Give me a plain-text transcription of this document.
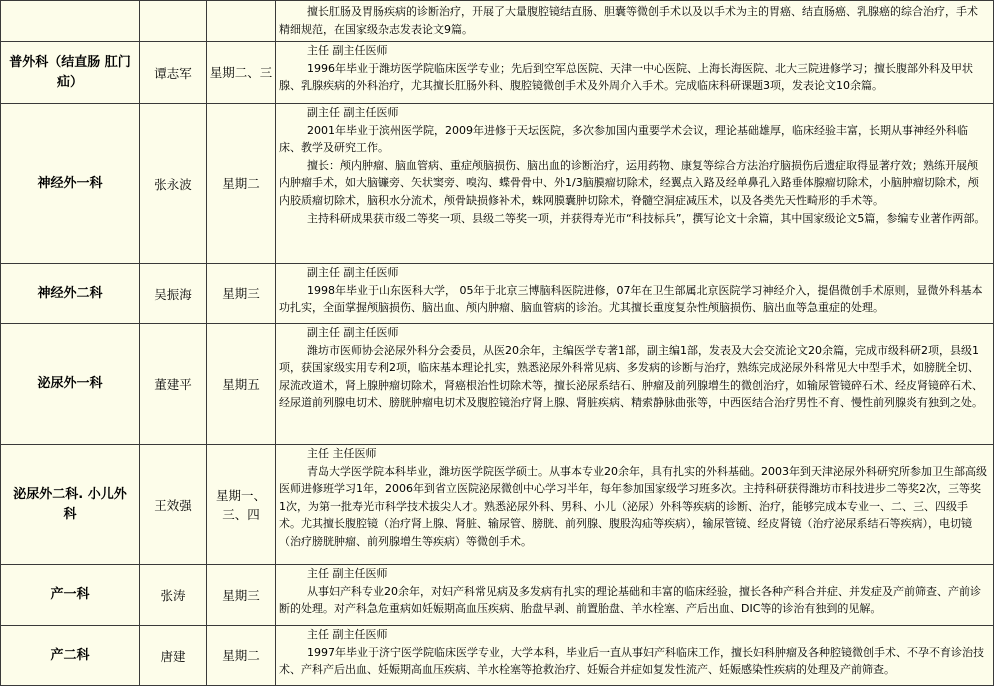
			擅长肛肠及胃肠疾病的诊断治疗，开展了大量腹腔镜结直肠、胆囊等微创手术以及以手术为主的胃癌、结直肠癌、乳腺癌的综合治疗，手术精细规范，在国家级杂志发表论文9篇。

普外科（结直肠 肛门 疝）	谭志军	星期二、三	主任 副主任医师
1996年毕业于潍坊医学院临床医学专业；先后到空军总医院、天津一中心医院、上海长海医院、北大三院进修学习；擅长腹部外科及甲状腺、乳腺疾病的外科治疗，尤其擅长肛肠外科、腹腔镜微创手术及外周介入手术。完成临床科研课题3项，发表论文10余篇。

神经外一科	张永波	星期二	副主任 副主任医师
2001年毕业于滨州医学院，2009年进修于天坛医院，多次参加国内重要学术会议，理论基础雄厚，临床经验丰富，长期从事神经外科临床、教学及研究工作。
擅长：颅内肿瘤、脑血管病、重症颅脑损伤、脑出血的诊断治疗，运用药物、康复等综合方法治疗脑损伤后遗症取得显著疗效；熟练开展颅内肿瘤手术，如大脑镰旁、矢状窦旁、嗅沟、蝶骨骨中、外1/3脑膜瘤切除术，经翼点入路及经单鼻孔入路垂体腺瘤切除术，小脑肿瘤切除术，颅内胶质瘤切除术，脑积水分流术，颅骨缺损修补术，蛛网膜囊肿切除术，脊髓空洞症减压术，以及各类先天性畸形的手术等。
主持科研成果获市级二等奖一项、县级二等奖一项，并获得寿光市“科技标兵”，撰写论文十余篇，其中国家级论文5篇，参编专业著作两部。

神经外二科	吴振海	星期三	副主任 副主任医师
1998年毕业于山东医科大学， 05年于北京三博脑科医院进修，07年在卫生部属北京医院学习神经介入，提倡微创手术原则，显微外科基本功扎实，全面掌握颅脑损伤、脑出血、颅内肿瘤、脑血管病的诊治。尤其擅长重度复杂性颅脑损伤、脑出血等急重症的处理。

泌尿外一科	董建平	星期五	副主任 副主任医师
潍坊市医师协会泌尿外科分会委员，从医20余年，主编医学专著1部，副主编1部，发表及大会交流论文20余篇，完成市级科研2项，县级1项，获国家级实用专利2项，临床基本理论扎实，熟悉泌尿外科常见病、多发病的诊断与治疗，熟练完成泌尿外科常见大中型手术，如膀胱全切、尿流改道术，肾上腺肿瘤切除术，肾癌根治性切除术等，擅长泌尿系结石、肿瘤及前列腺增生的微创治疗，如输尿管镜碎石术、经皮肾镜碎石术、经尿道前列腺电切术、膀胱肿瘤电切术及腹腔镜治疗肾上腺、肾脏疾病、精索静脉曲张等，中西医结合治疗男性不育、慢性前列腺炎有独到之处。

泌尿外二科. 小儿外科	王效强	星期一、三、四	主任 主任医师
青岛大学医学院本科毕业，潍坊医学院医学硕士。从事本专业20余年，具有扎实的外科基础。2003年到天津泌尿外科研究所参加卫生部高级医师进修班学习1年，2006年到省立医院泌尿微创中心学习半年，每年参加国家级学习班多次。主持科研获得潍坊市科技进步二等奖2次，三等奖1次，为第一批寿光市科学技术拔尖人才。熟悉泌尿外科、男科、小儿（泌尿）外科等疾病的诊断、治疗，能够完成本专业一、二、三、四级手术。尤其擅长腹腔镜（治疗肾上腺、肾脏、输尿管、膀胱、前列腺、腹股沟疝等疾病），输尿管镜、经皮肾镜（治疗泌尿系结石等疾病），电切镜（治疗膀胱肿瘤、前列腺增生等疾病）等微创手术。

产一科	张涛	星期三	主任 副主任医师
从事妇产科专业20余年，对妇产科常见病及多发病有扎实的理论基础和丰富的临床经验，擅长各种产科合并症、并发症及产前筛查、产前诊断的处理。对产科急危重病如妊娠期高血压疾病、胎盘早剥、前置胎盘、羊水栓塞、产后出血、DIC等的诊治有独到的见解。

产二科	唐建	星期二	主任 副主任医师
1997年毕业于济宁医学院临床医学专业，大学本科，毕业后一直从事妇产科临床工作，擅长妇科肿瘤及各种腔镜微创手术、不孕不育诊治技术、产科产后出血、妊娠期高血压疾病、羊水栓塞等抢救治疗、妊娠合并症如复发性流产、妊娠感染性疾病的处理及产前筛查。
